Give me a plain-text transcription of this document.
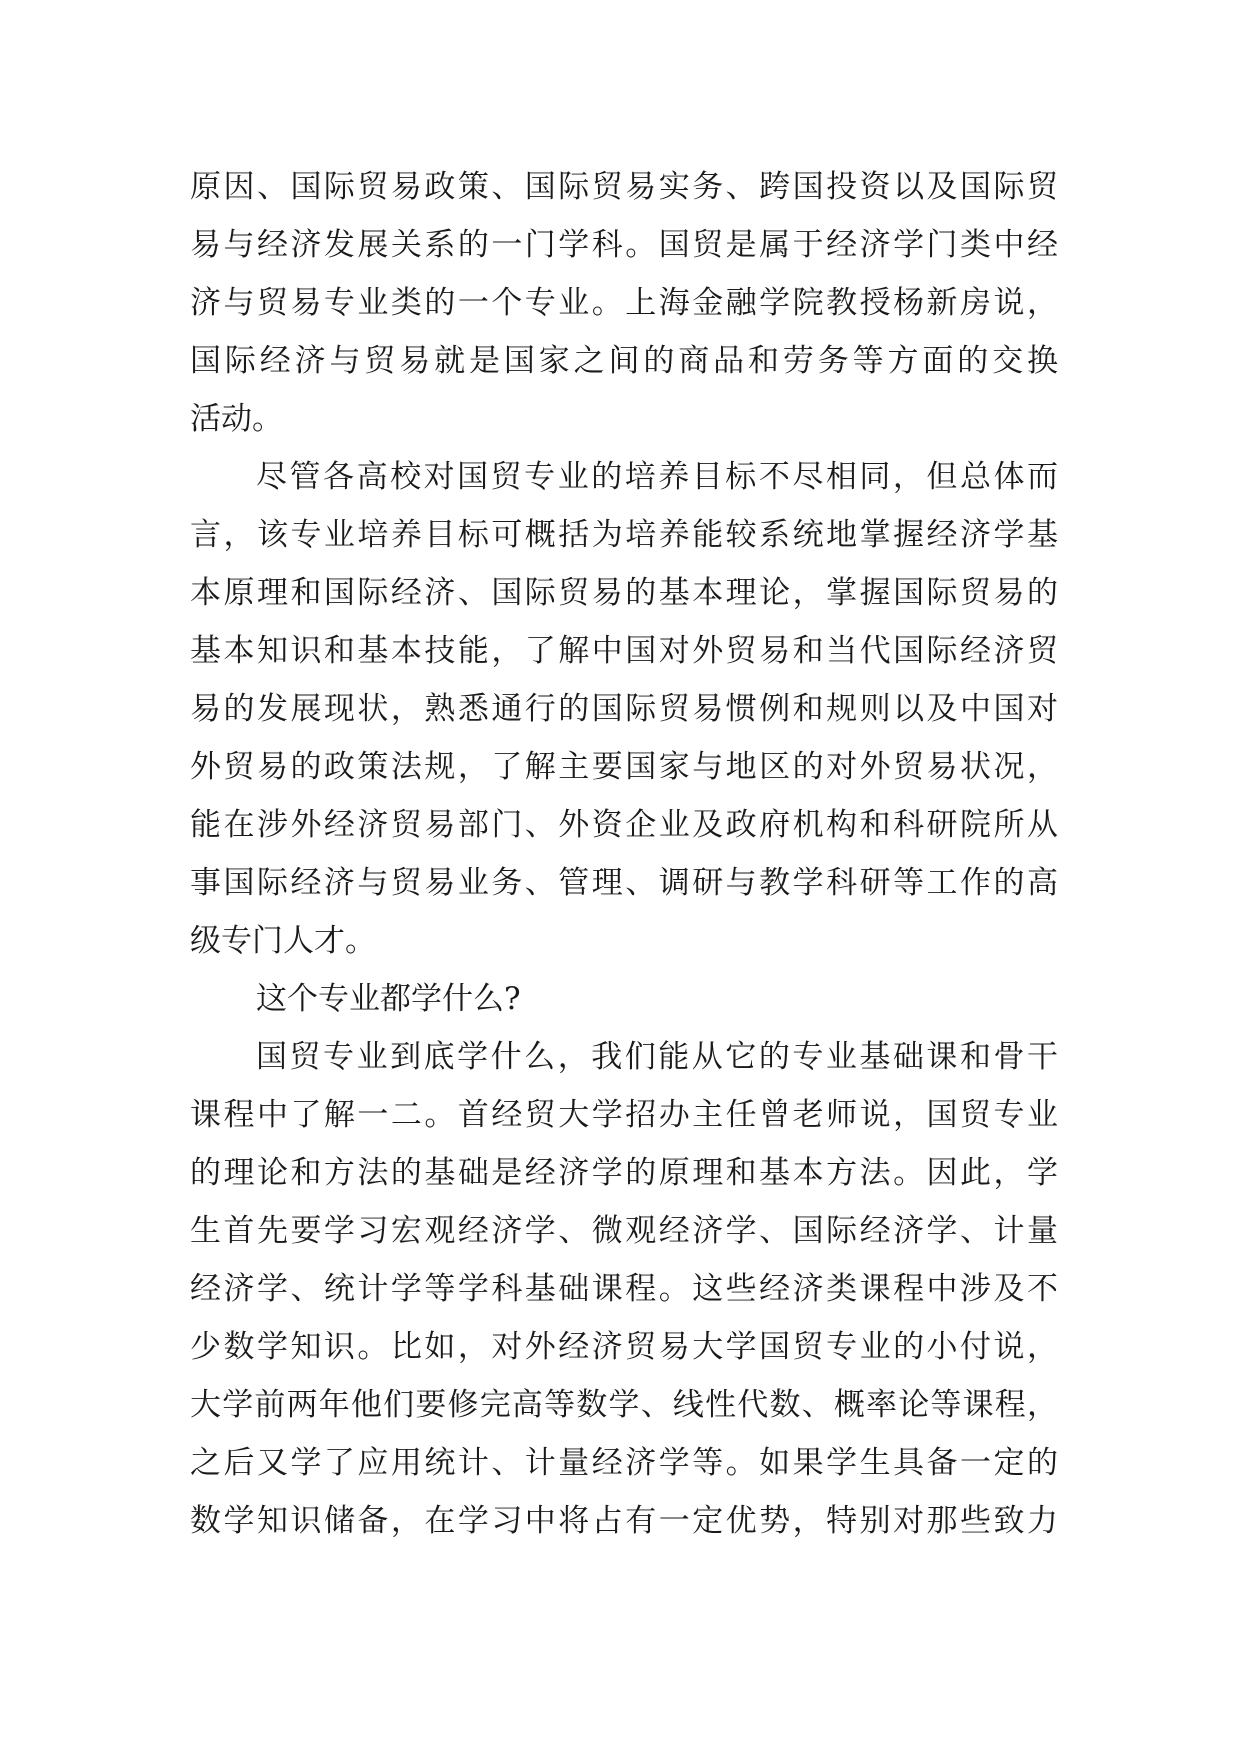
原因、国际贸易政策、国际贸易实务、跨国投资以及国际贸
易与经济发展关系的一门学科。国贸是属于经济学门类中经
济与贸易专业类的一个专业。上海金融学院教授杨新房说，
国际经济与贸易就是国家之间的商品和劳务等方面的交换
活动。
尽管各高校对国贸专业的培养目标不尽相同，但总体而
言，该专业培养目标可概括为培养能较系统地掌握经济学基
本原理和国际经济、国际贸易的基本理论，掌握国际贸易的
基本知识和基本技能，了解中国对外贸易和当代国际经济贸
易的发展现状，熟悉通行的国际贸易惯例和规则以及中国对
外贸易的政策法规，了解主要国家与地区的对外贸易状况，
能在涉外经济贸易部门、外资企业及政府机构和科研院所从
事国际经济与贸易业务、管理、调研与教学科研等工作的高
级专门人才。
这个专业都学什么?
国贸专业到底学什么，我们能从它的专业基础课和骨干
课程中了解一二。首经贸大学招办主任曾老师说，国贸专业
的理论和方法的基础是经济学的原理和基本方法。因此，学
生首先要学习宏观经济学、微观经济学、国际经济学、计量
经济学、统计学等学科基础课程。这些经济类课程中涉及不
少数学知识。比如，对外经济贸易大学国贸专业的小付说，
大学前两年他们要修完高等数学、线性代数、概率论等课程，
之后又学了应用统计、计量经济学等。如果学生具备一定的
数学知识储备，在学习中将占有一定优势，特别对那些致力
